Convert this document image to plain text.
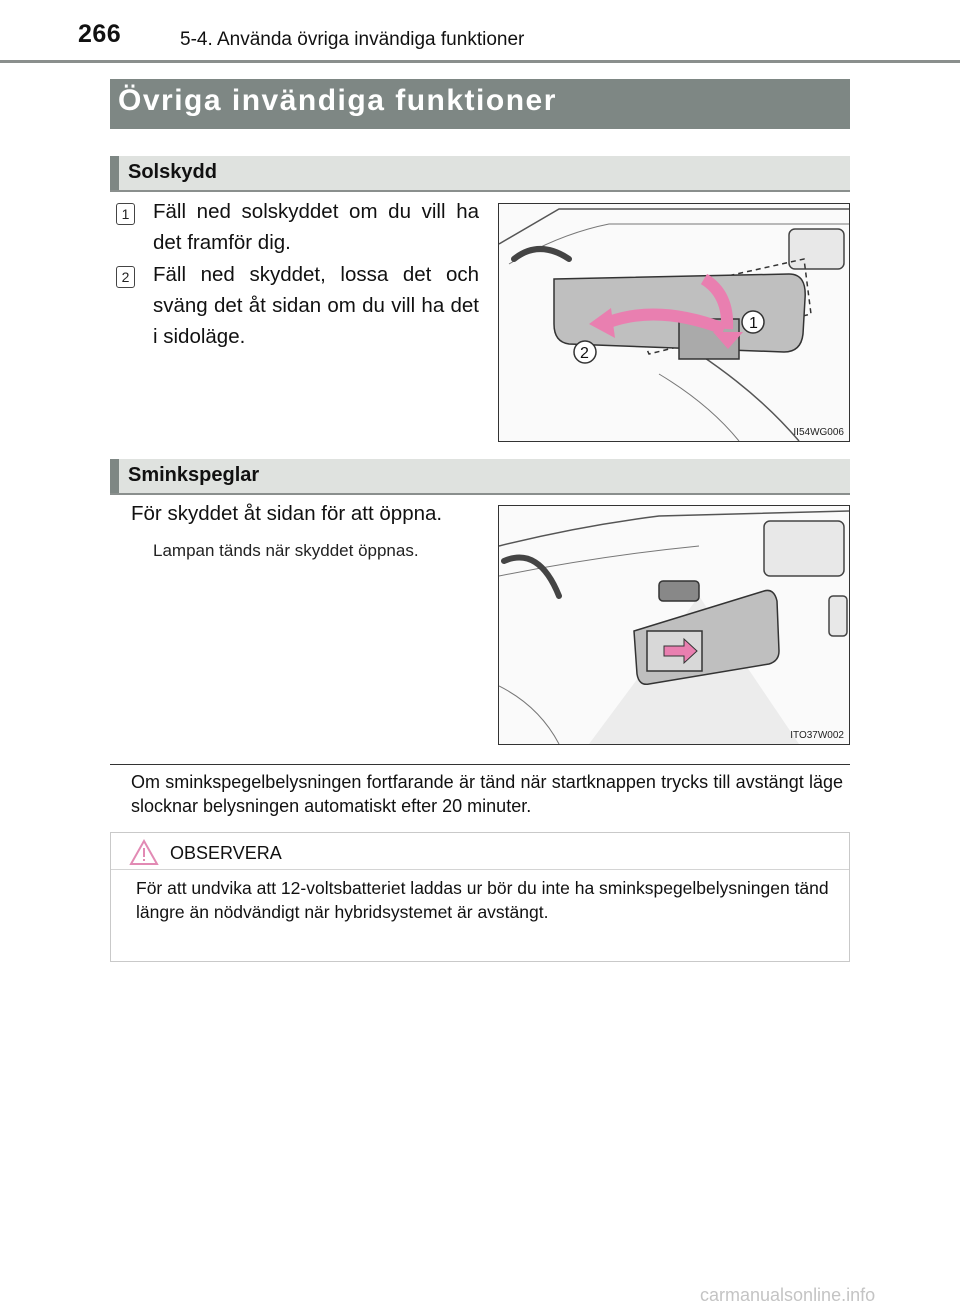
266	5-4. Använda övriga invändiga funktioner
Övriga invändiga funktioner
Solskydd
1 Fäll ned solskyddet om du vill ha det framför dig.
2 Fäll ned skyddet, lossa det och sväng det åt sidan om du vill ha det i sidoläge.
1
2
II54WG006
Sminkspeglar
För skyddet åt sidan för att öppna.
Lampan tänds när skyddet öppnas.
ITO37W002
Om sminkspegelbelysningen fortfarande är tänd när startknappen trycks till avstängt läge slocknar belysningen automatiskt efter 20 minuter.
OBSERVERA
För att undvika att 12-voltsbatteriet laddas ur bör du inte ha sminkspegelbelysningen tänd längre än nödvändigt när hybridsystemet är avstängt.
carmanualsonline.info
